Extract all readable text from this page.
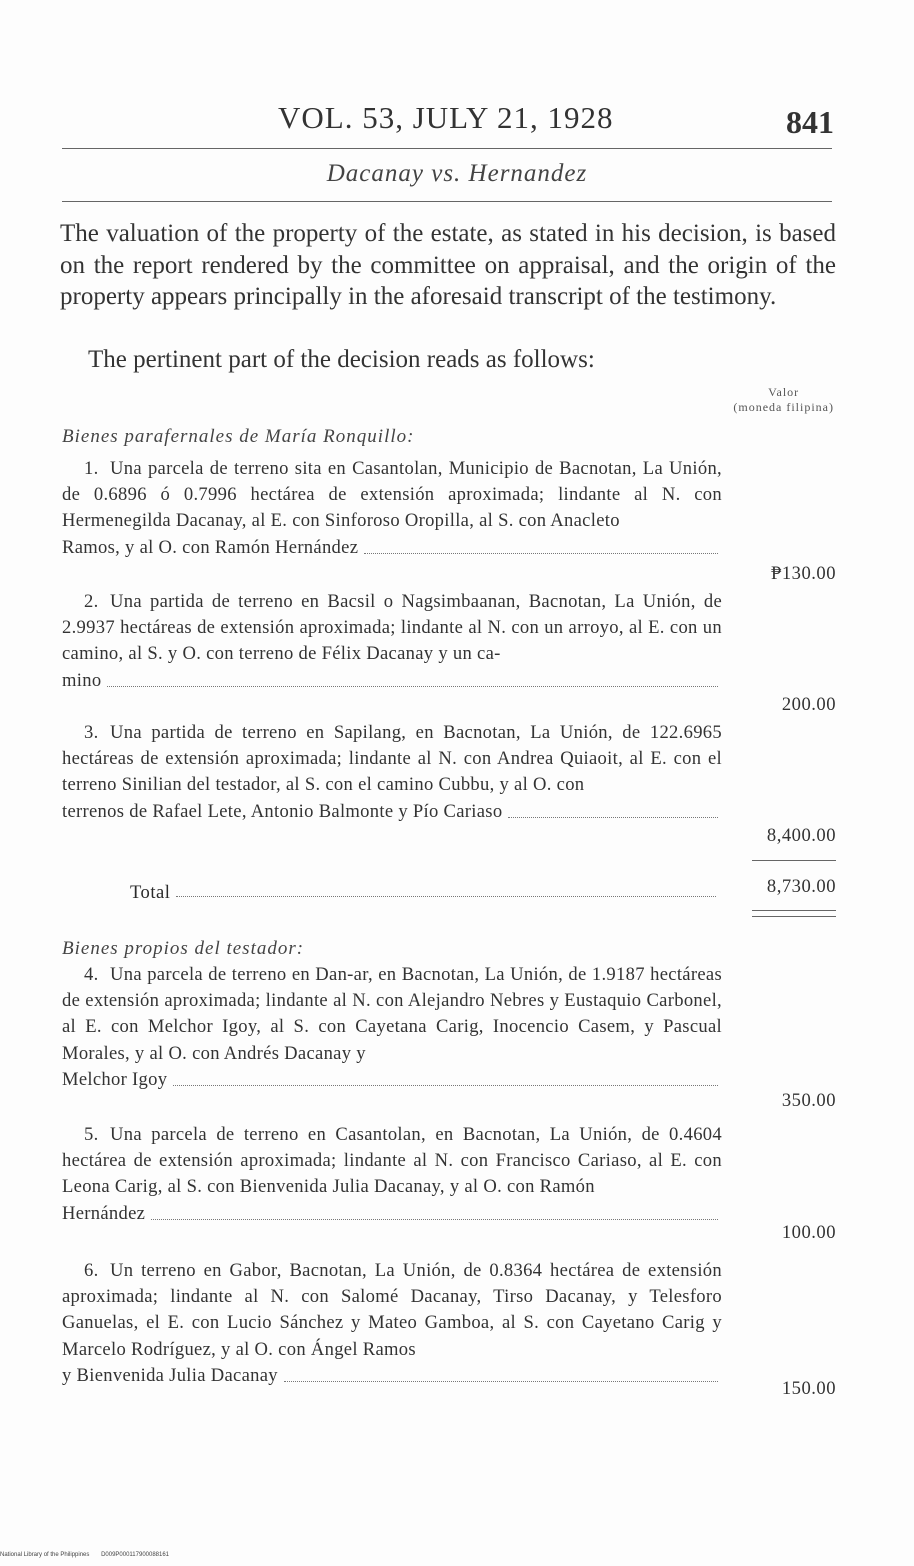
VOL. 53, JULY 21, 1928	841
Dacanay vs. Hernandez

The valuation of the property of the estate, as stated in his decision, is based on the report rendered by the committee on appraisal, and the origin of the property appears principally in the aforesaid transcript of the testimony.

The pertinent part of the decision reads as follows:

Valor
(moneda filipina)
Bienes parafernales de María Ronquillo:
1. Una parcela de terreno sita en Casantolan, Municipio de Bacnotan, La Unión, de 0.6896 ó 0.7996 hectárea de extensión aproximada; lindante al N. con Hermenegilda Dacanay, al E. con Sinforoso Oropilla, al S. con Anacleto
Ramos, y al O. con Ramón Hernández
₱130.00
2. Una partida de terreno en Bacsil o Nagsimbaanan, Bacnotan, La Unión, de 2.9937 hectáreas de extensión aproximada; lindante al N. con un arroyo, al E. con un camino, al S. y O. con terreno de Félix Dacanay y un ca-
mino
200.00
3. Una partida de terreno en Sapilang, en Bacnotan, La Unión, de 122.6965 hectáreas de extensión aproximada; lindante al N. con Andrea Quiaoit, al E. con el terreno Sinilian del testador, al S. con el camino Cubbu, y al O. con
terrenos de Rafael Lete, Antonio Balmonte y Pío Cariaso
8,400.00
Total	8,730.00
Bienes propios del testador:
4. Una parcela de terreno en Dan-ar, en Bacnotan, La Unión, de 1.9187 hectáreas de extensión aproximada; lindante al N. con Alejandro Nebres y Eustaquio Carbonel, al E. con Melchor Igoy, al S. con Cayetana Carig, Inocencio Casem, y Pascual Morales, y al O. con Andrés Dacanay y
Melchor Igoy
350.00
5. Una parcela de terreno en Casantolan, en Bacnotan, La Unión, de 0.4604 hectárea de extensión aproximada; lindante al N. con Francisco Cariaso, al E. con Leona Carig, al S. con Bienvenida Julia Dacanay, y al O. con Ramón
Hernández
100.00
6. Un terreno en Gabor, Bacnotan, La Unión, de 0.8364 hectárea de extensión aproximada; lindante al N. con Salomé Dacanay, Tirso Dacanay, y Telesforo Ganuelas, el E. con Lucio Sánchez y Mateo Gamboa, al S. con Cayetano Carig y Marcelo Rodríguez, y al O. con Ángel Ramos
y Bienvenida Julia Dacanay
150.00
National Library of the Philippines D009P000117900088161
